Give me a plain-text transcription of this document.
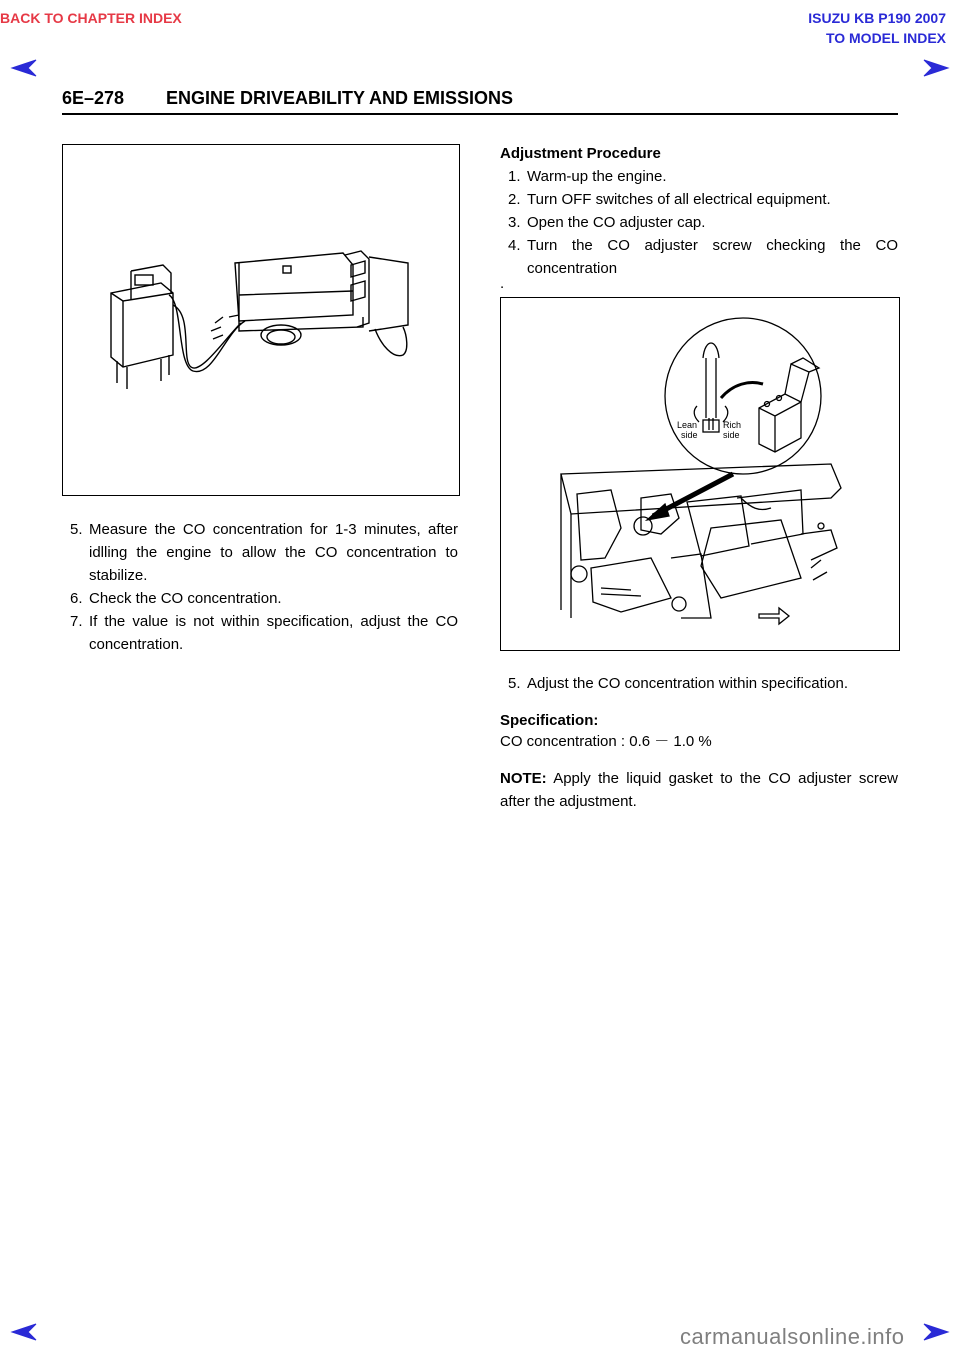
BACK TO CHAPTER INDEX	ISUZU KB P190 2007
TO MODEL INDEX
6E–278 ENGINE DRIVEABILITY AND EMISSIONS
5. Measure the CO concentration for 1-3 minutes, after idlling the engine to allow the CO concentration to stabilize.
6. Check the CO concentration.
7. If the value is not within specification, adjust the CO concentration.
Adjustment Procedure
1. Warm-up the engine.
2. Turn OFF switches of all electrical equipment.
3. Open the CO adjuster cap.
4. Turn the CO adjuster screw checking the CO concentration
.
Lean
side
Rich
side
5. Adjust the CO concentration within specification.
Specification:
CO concentration : 0.6 － 1.0 %
NOTE: Apply the liquid gasket to the CO adjuster screw after the adjustment.
carmanualsonline.info
